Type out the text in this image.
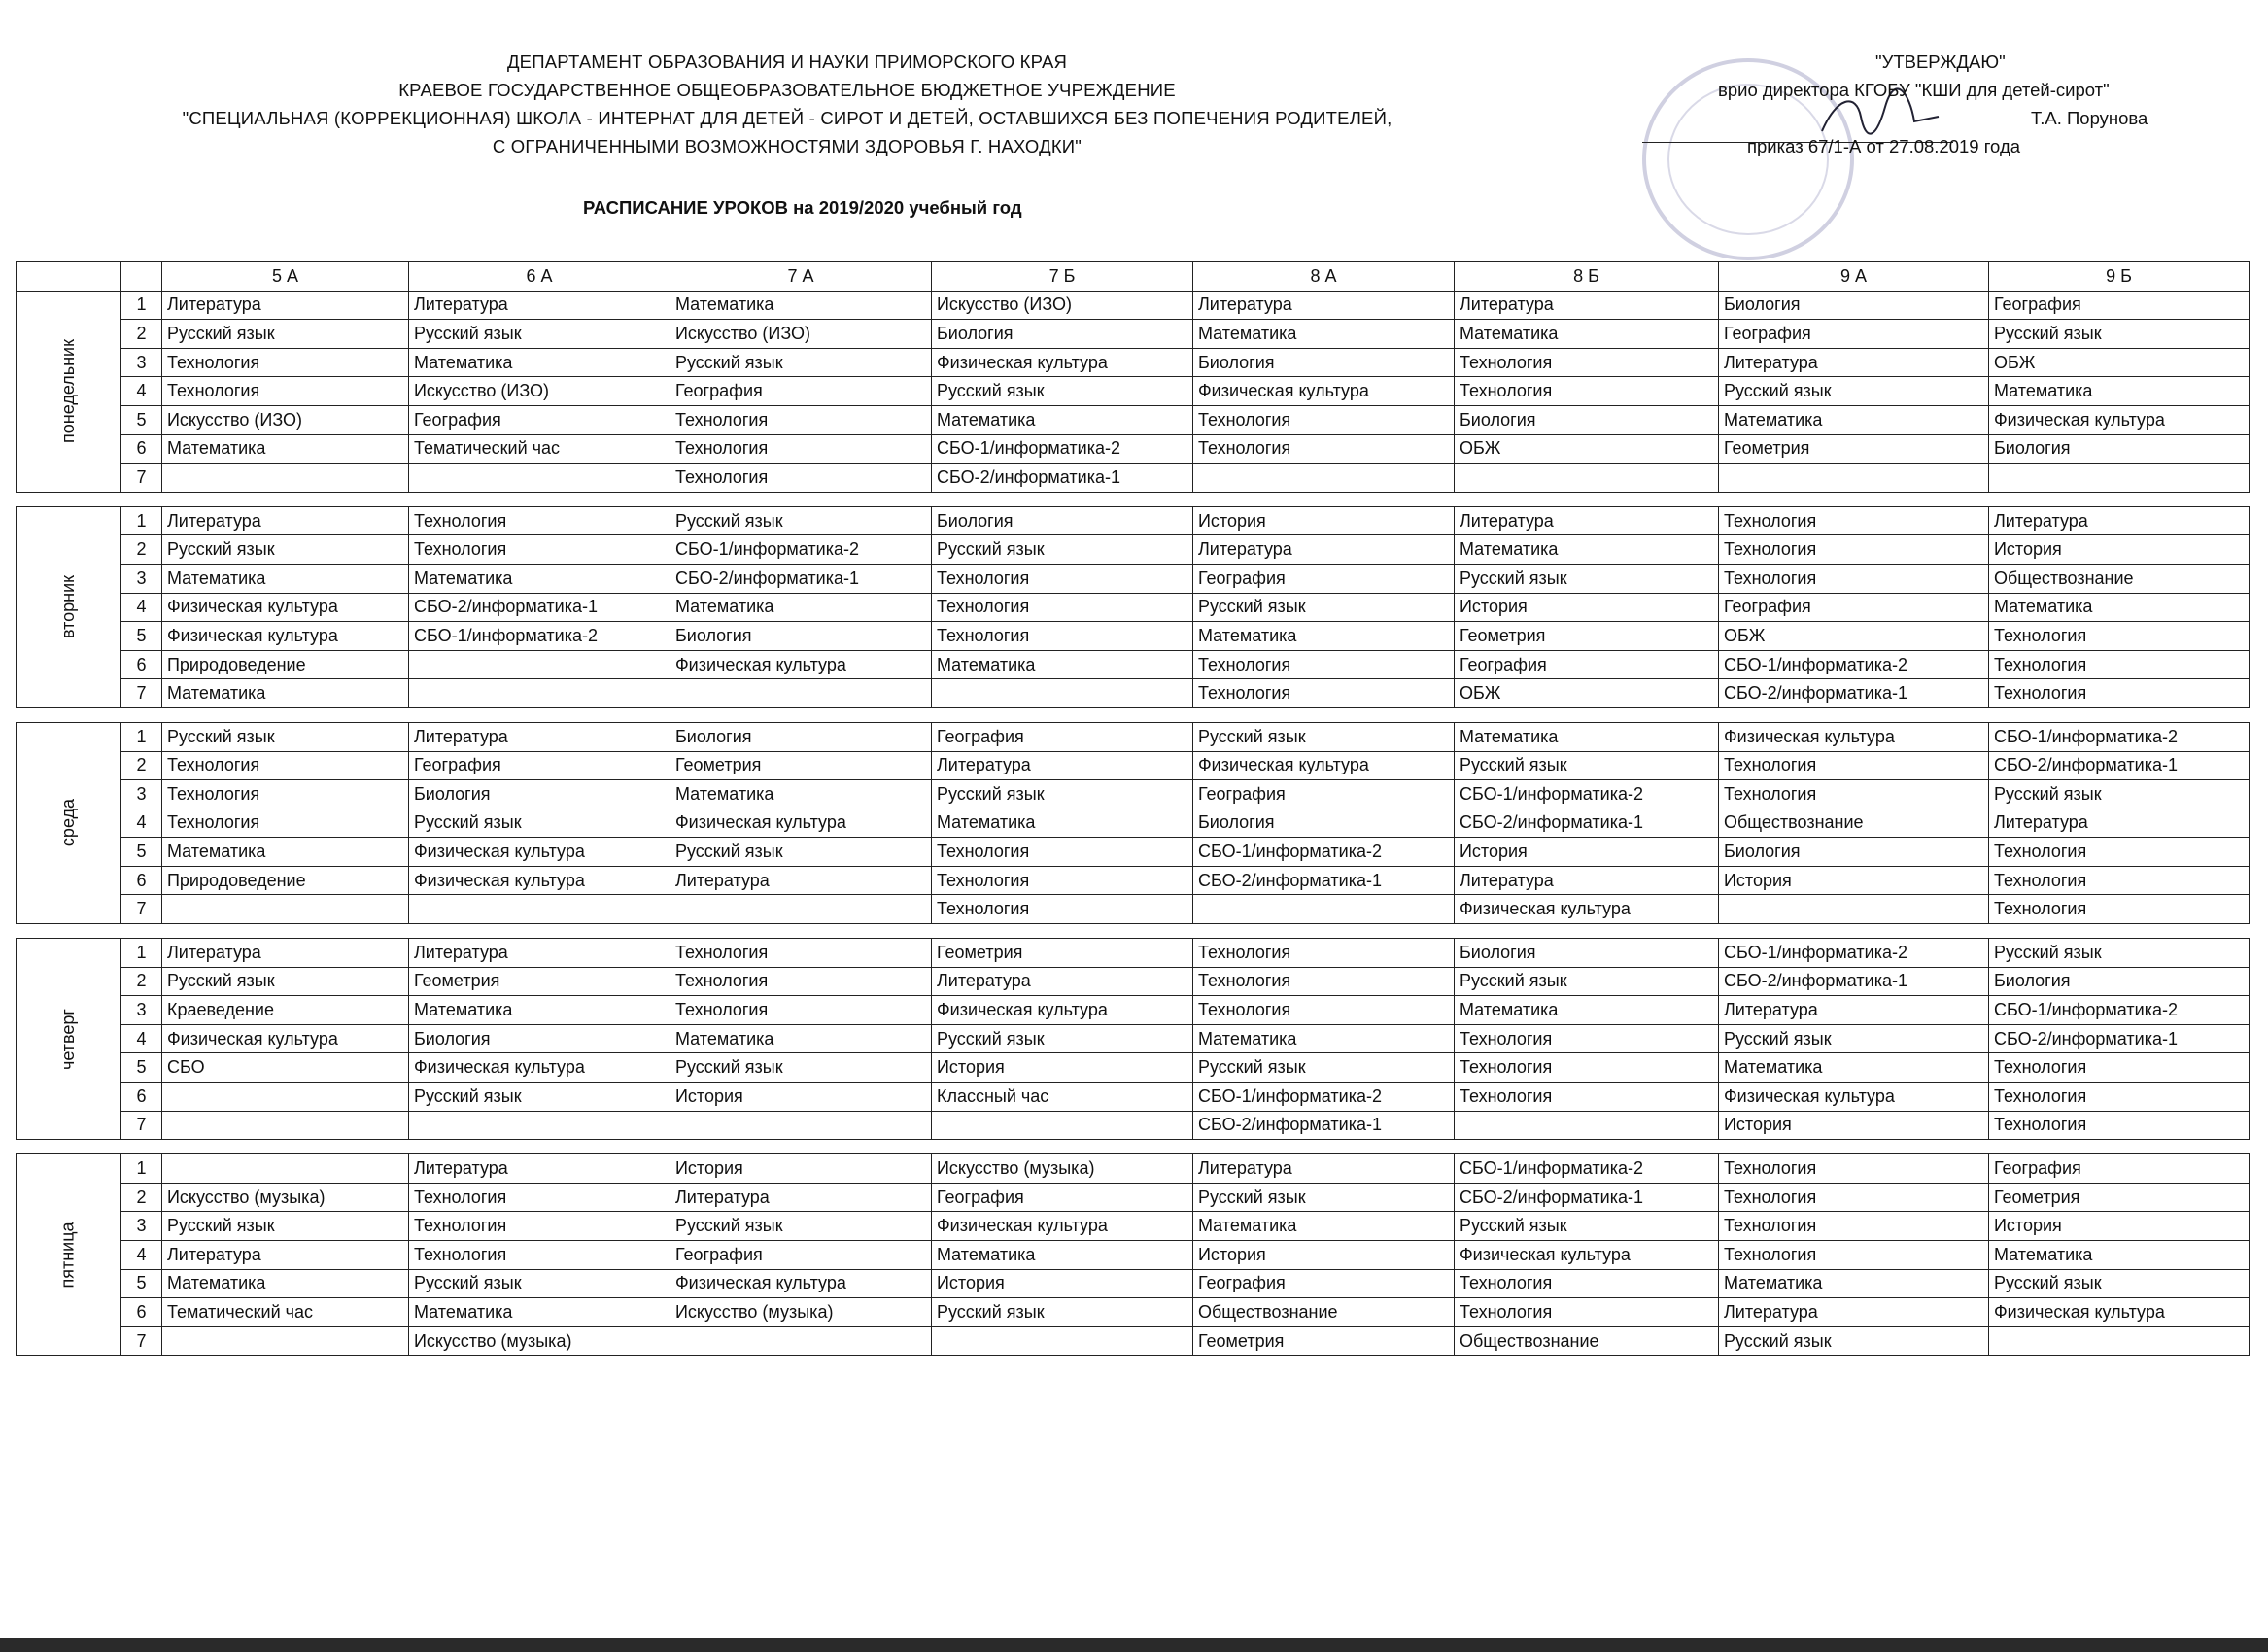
ДЕПАРТАМЕНТ ОБРАЗОВАНИЯ И НАУКИ ПРИМОРСКОГО КРАЯ
КРАЕВОЕ ГОСУДАРСТВЕННОЕ ОБЩЕОБРАЗОВАТЕЛЬНОЕ БЮДЖЕТНОЕ УЧРЕЖДЕНИЕ
"СПЕЦИАЛЬНАЯ (КОРРЕКЦИОННАЯ) ШКОЛА - ИНТЕРНАТ ДЛЯ ДЕТЕЙ - СИРОТ И ДЕТЕЙ, ОСТАВШИХСЯ БЕЗ ПОПЕЧЕНИЯ РОДИТЕЛЕЙ,
С ОГРАНИЧЕННЫМИ ВОЗМОЖНОСТЯМИ ЗДОРОВЬЯ Г. НАХОДКИ"
"УТВЕРЖДАЮ"
врио директора КГОБУ "КШИ для детей-сирот"
Т.А. Порунова
приказ 67/1-А от 27.08.2019 года
РАСПИСАНИЕ УРОКОВ на 2019/2020 учебный год
		5 А	6 А	7 А	7 Б	8 А	8 Б	9 А	9 Б
понедельник	1	Литература	Литература	Математика	Искусство (ИЗО)	Литература	Литература	Биология	География
	2	Русский язык	Русский язык	Искусство (ИЗО)	Биология	Математика	Математика	География	Русский язык
	3	Технология	Математика	Русский язык	Физическая культура	Биология	Технология	Литература	ОБЖ
	4	Технология	Искусство (ИЗО)	География	Русский язык	Физическая культура	Технология	Русский язык	Математика
	5	Искусство (ИЗО)	География	Технология	Математика	Технология	Биология	Математика	Физическая культура
	6	Математика	Тематический час	Технология	СБО-1/информатика-2	Технология	ОБЖ	Геометрия	Биология
	7			Технология	СБО-2/информатика-1				

вторник	1	Литература	Технология	Русский язык	Биология	История	Литература	Технология	Литература
	2	Русский язык	Технология	СБО-1/информатика-2	Русский язык	Литература	Математика	Технология	История
	3	Математика	Математика	СБО-2/информатика-1	Технология	География	Русский язык	Технология	Обществознание
	4	Физическая культура	СБО-2/информатика-1	Математика	Технология	Русский язык	История	География	Математика
	5	Физическая культура	СБО-1/информатика-2	Биология	Технология	Математика	Геометрия	ОБЖ	Технология
	6	Природоведение		Физическая культура	Математика	Технология	География	СБО-1/информатика-2	Технология
	7	Математика				Технология	ОБЖ	СБО-2/информатика-1	Технология

среда	1	Русский язык	Литература	Биология	География	Русский язык	Математика	Физическая культура	СБО-1/информатика-2
	2	Технология	География	Геометрия	Литература	Физическая культура	Русский язык	Технология	СБО-2/информатика-1
	3	Технология	Биология	Математика	Русский язык	География	СБО-1/информатика-2	Технология	Русский язык
	4	Технология	Русский язык	Физическая культура	Математика	Биология	СБО-2/информатика-1	Обществознание	Литература
	5	Математика	Физическая культура	Русский язык	Технология	СБО-1/информатика-2	История	Биология	Технология
	6	Природоведение	Физическая культура	Литература	Технология	СБО-2/информатика-1	Литература	История	Технология
	7				Технология		Физическая культура		Технология

четверг	1	Литература	Литература	Технология	Геометрия	Технология	Биология	СБО-1/информатика-2	Русский язык
	2	Русский язык	Геометрия	Технология	Литература	Технология	Русский язык	СБО-2/информатика-1	Биология
	3	Краеведение	Математика	Технология	Физическая культура	Технология	Математика	Литература	СБО-1/информатика-2
	4	Физическая культура	Биология	Математика	Русский язык	Математика	Технология	Русский язык	СБО-2/информатика-1
	5	СБО	Физическая культура	Русский язык	История	Русский язык	Технология	Математика	Технология
	6		Русский язык	История	Классный час	СБО-1/информатика-2	Технология	Физическая культура	Технология
	7					СБО-2/информатика-1		История	Технология

пятница	1		Литература	История	Искусство (музыка)	Литература	СБО-1/информатика-2	Технология	География
	2	Искусство (музыка)	Технология	Литература	География	Русский язык	СБО-2/информатика-1	Технология	Геометрия
	3	Русский язык	Технология	Русский язык	Физическая культура	Математика	Русский язык	Технология	История
	4	Литература	Технология	География	Математика	История	Физическая культура	Технология	Математика
	5	Математика	Русский язык	Физическая культура	История	География	Технология	Математика	Русский язык
	6	Тематический час	Математика	Искусство (музыка)	Русский язык	Обществознание	Технология	Литература	Физическая культура
	7		Искусство (музыка)			Геометрия	Обществознание	Русский язык	
